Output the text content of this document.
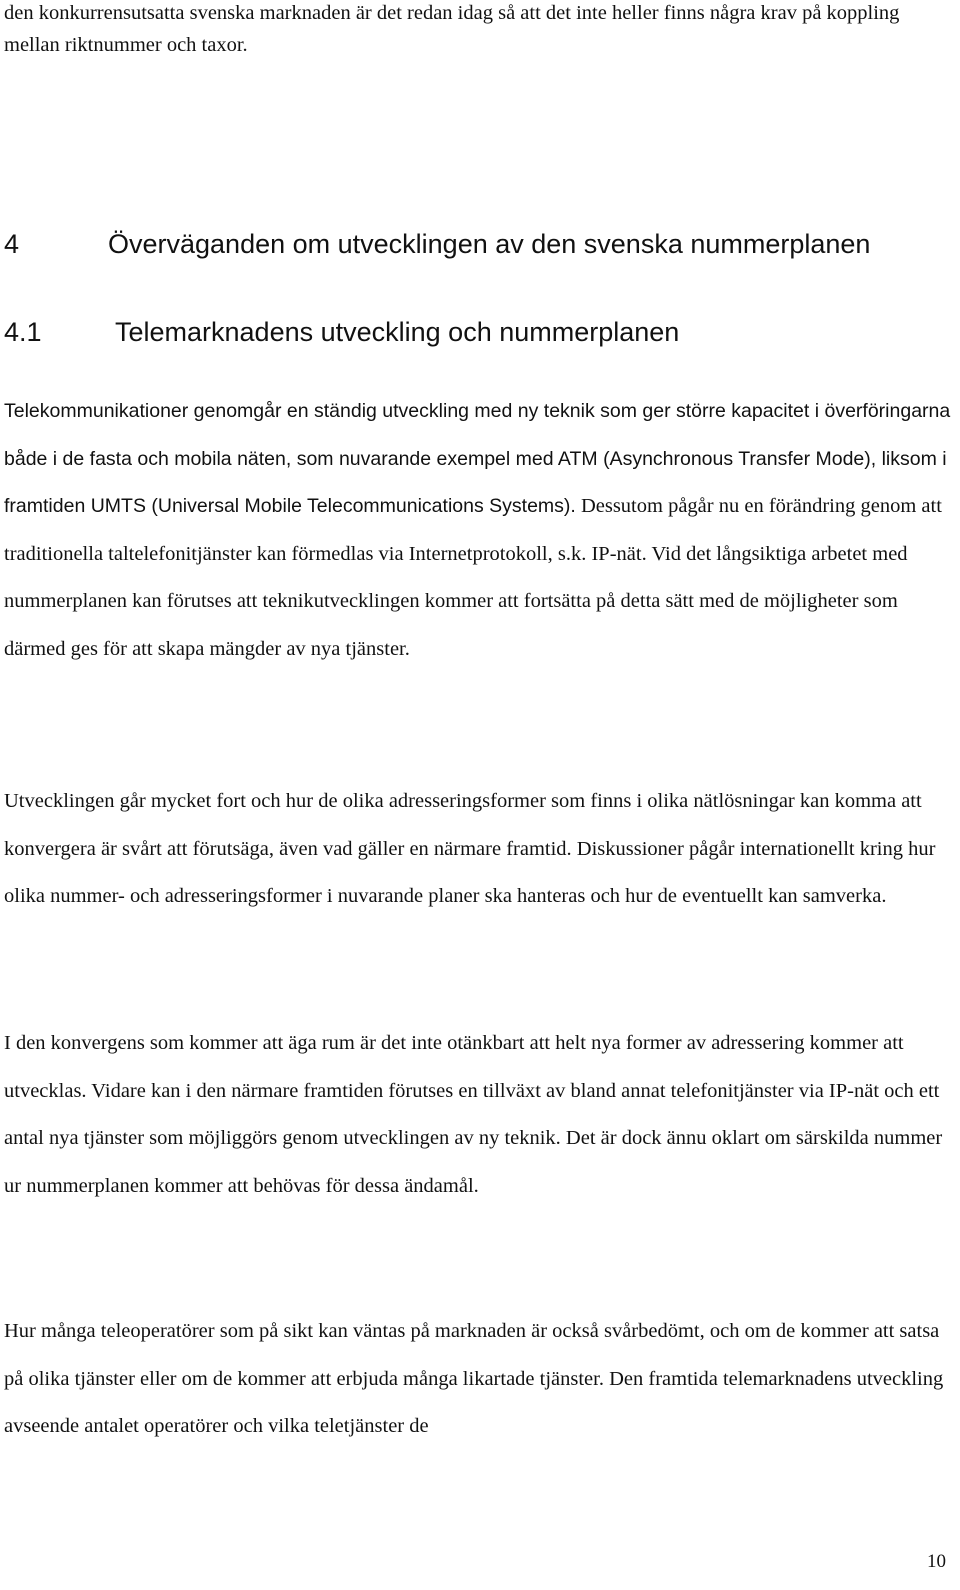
den konkurrensutsatta svenska marknaden är det redan idag så att det inte heller finns några krav på koppling mellan riktnummer och taxor.

4	Överväganden om utvecklingen av den svenska nummerplanen
4.1	Telemarknadens utveckling och nummerplanen

Telekommunikationer genomgår en ständig utveckling med ny teknik som ger större kapacitet i överföringarna både i de fasta och mobila näten, som nuvarande exempel med ATM (Asynchronous Transfer Mode), liksom i framtiden UMTS (Universal Mobile Telecommunications Systems). Dessutom pågår nu en förändring genom att traditionella taltelefonitjänster kan förmedlas via Internetprotokoll, s.k. IP-nät. Vid det långsiktiga arbetet med nummerplanen kan förutses att teknikutvecklingen kommer att fortsätta på detta sätt med de möjligheter som därmed ges för att skapa mängder av nya tjänster.

Utvecklingen går mycket fort och hur de olika adresseringsformer som finns i olika nätlösningar kan komma att konvergera är svårt att förutsäga, även vad gäller en närmare framtid. Diskussioner pågår internationellt kring hur olika nummer- och adresseringsformer i nuvarande planer ska hanteras och hur de eventuellt kan samverka.

I den konvergens som kommer att äga rum är det inte otänkbart att helt nya former av adressering kommer att utvecklas. Vidare kan i den närmare framtiden förutses en tillväxt av bland annat telefonitjänster via IP-nät och ett antal nya tjänster som möjliggörs genom utvecklingen av ny teknik. Det är dock ännu oklart om särskilda nummer ur nummerplanen kommer att behövas för dessa ändamål.

Hur många teleoperatörer som på sikt kan väntas på marknaden är också svårbedömt, och om de kommer att satsa på olika tjänster eller om de kommer att erbjuda många likartade tjänster. Den framtida telemarknadens utveckling avseende antalet operatörer och vilka teletjänster de

10
